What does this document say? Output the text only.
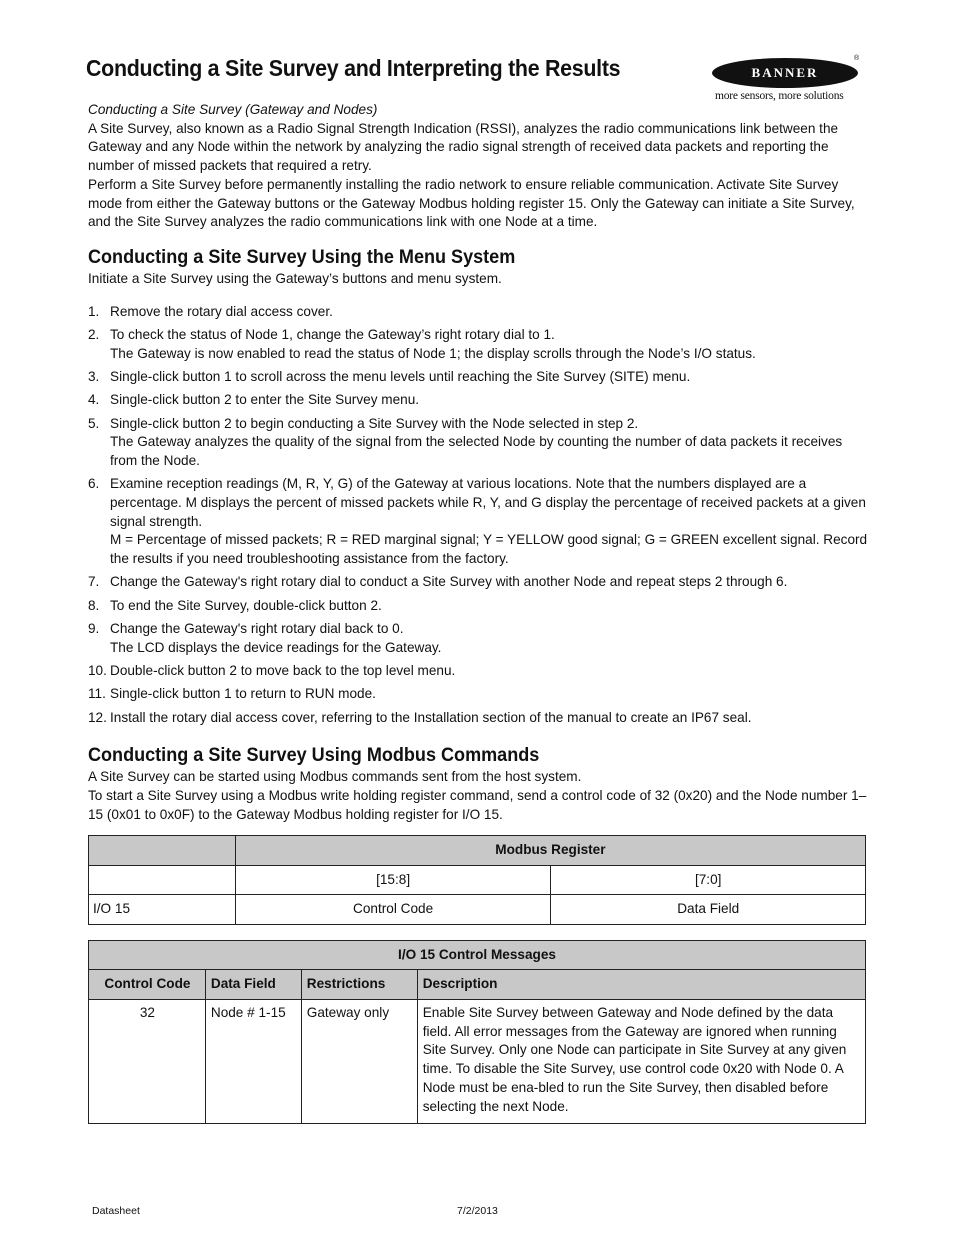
Conducting a Site Survey and Interpreting the Results	BANNER
®
more sensors, more solutions

Conducting a Site Survey (Gateway and Nodes)

A Site Survey, also known as a Radio Signal Strength Indication (RSSI), analyzes the radio communications link between the Gateway and any Node within the network by analyzing the radio signal strength of received data packets and reporting the number of missed packets that required a retry.

Perform a Site Survey before permanently installing the radio network to ensure reliable communication. Activate Site Survey mode from either the Gateway buttons or the Gateway Modbus holding register 15. Only the Gateway can initiate a Site Survey, and the Site Survey analyzes the radio communications link with one Node at a time.

Conducting a Site Survey Using the Menu System

Initiate a Site Survey using the Gateway’s buttons and menu system.

1. Remove the rotary dial access cover.
2. To check the status of Node 1, change the Gateway’s right rotary dial to 1.
The Gateway is now enabled to read the status of Node 1; the display scrolls through the Node’s I/O status.
3. Single-click button 1 to scroll across the menu levels until reaching the Site Survey (SITE) menu.
4. Single-click button 2 to enter the Site Survey menu.
5. Single-click button 2 to begin conducting a Site Survey with the Node selected in step 2.
The Gateway analyzes the quality of the signal from the selected Node by counting the number of data packets it receives from the Node.
6. Examine reception readings (M, R, Y, G) of the Gateway at various locations. Note that the numbers displayed are a percentage. M displays the percent of missed packets while R, Y, and G display the percentage of received packets at a given signal strength.
M = Percentage of missed packets; R = RED marginal signal; Y = YELLOW good signal; G = GREEN excellent signal. Record the results if you need troubleshooting assistance from the factory.
7. Change the Gateway's right rotary dial to conduct a Site Survey with another Node and repeat steps 2 through 6.
8. To end the Site Survey, double-click button 2.
9. Change the Gateway's right rotary dial back to 0.
The LCD displays the device readings for the Gateway.
10. Double-click button 2 to move back to the top level menu.
11. Single-click button 1 to return to RUN mode.
12. Install the rotary dial access cover, referring to the Installation section of the manual to create an IP67 seal.
Conducting a Site Survey Using Modbus Commands

A Site Survey can be started using Modbus commands sent from the host system.

To start a Site Survey using a Modbus write holding register command, send a control code of 32 (0x20) and the Node number 1–15 (0x01 to 0x0F) to the Gateway Modbus holding register for I/O 15.

	Modbus Register	
	[15:8]	[7:0]
I/O 15	Control Code	Data Field
I/O 15 Control Messages			
Control Code	Data Field	Restrictions	Description
32	Node # 1-15	Gateway only	Enable Site Survey between Gateway and Node defined by the data field. All error messages from the Gateway are ignored when running Site Survey. Only one Node can participate in Site Survey at any given time. To disable the Site Survey, use control code 0x20 with Node 0. A Node must be ena-bled to run the Site Survey, then disabled before selecting the next Node.
Datasheet	7/2/2013
